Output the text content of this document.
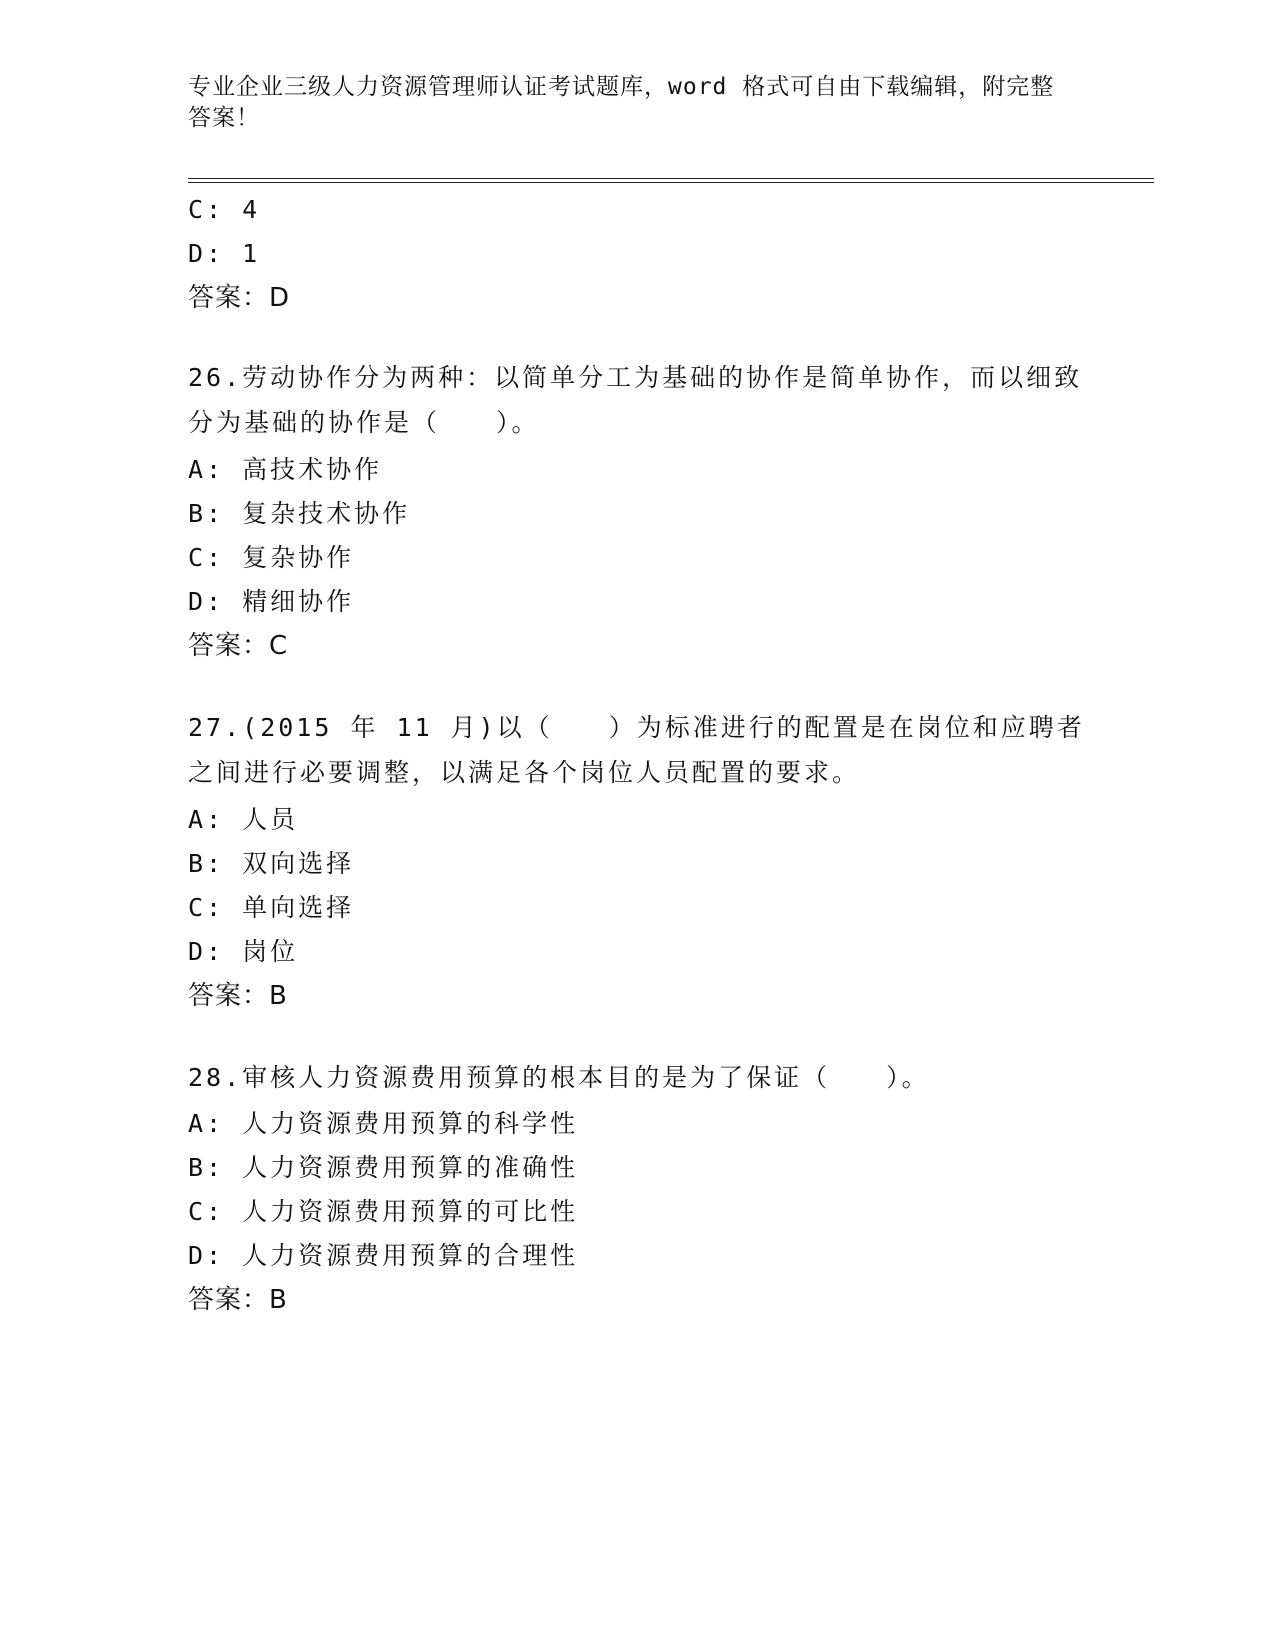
专业企业三级人力资源管理师认证考试题库，word 格式可自由下载编辑，附完整答案！
C: 4
D: 1
答案：D
26.劳动协作分为两种：以简单分工为基础的协作是简单协作，而以细致分为基础的协作是（　　）。
A: 高技术协作
B: 复杂技术协作
C: 复杂协作
D: 精细协作
答案：C
27.(2015 年 11 月)以（　　）为标准进行的配置是在岗位和应聘者之间进行必要调整，以满足各个岗位人员配置的要求。
A: 人员
B: 双向选择
C: 单向选择
D: 岗位
答案：B
28.审核人力资源费用预算的根本目的是为了保证（　　）。
A: 人力资源费用预算的科学性
B: 人力资源费用预算的准确性
C: 人力资源费用预算的可比性
D: 人力资源费用预算的合理性
答案：B
